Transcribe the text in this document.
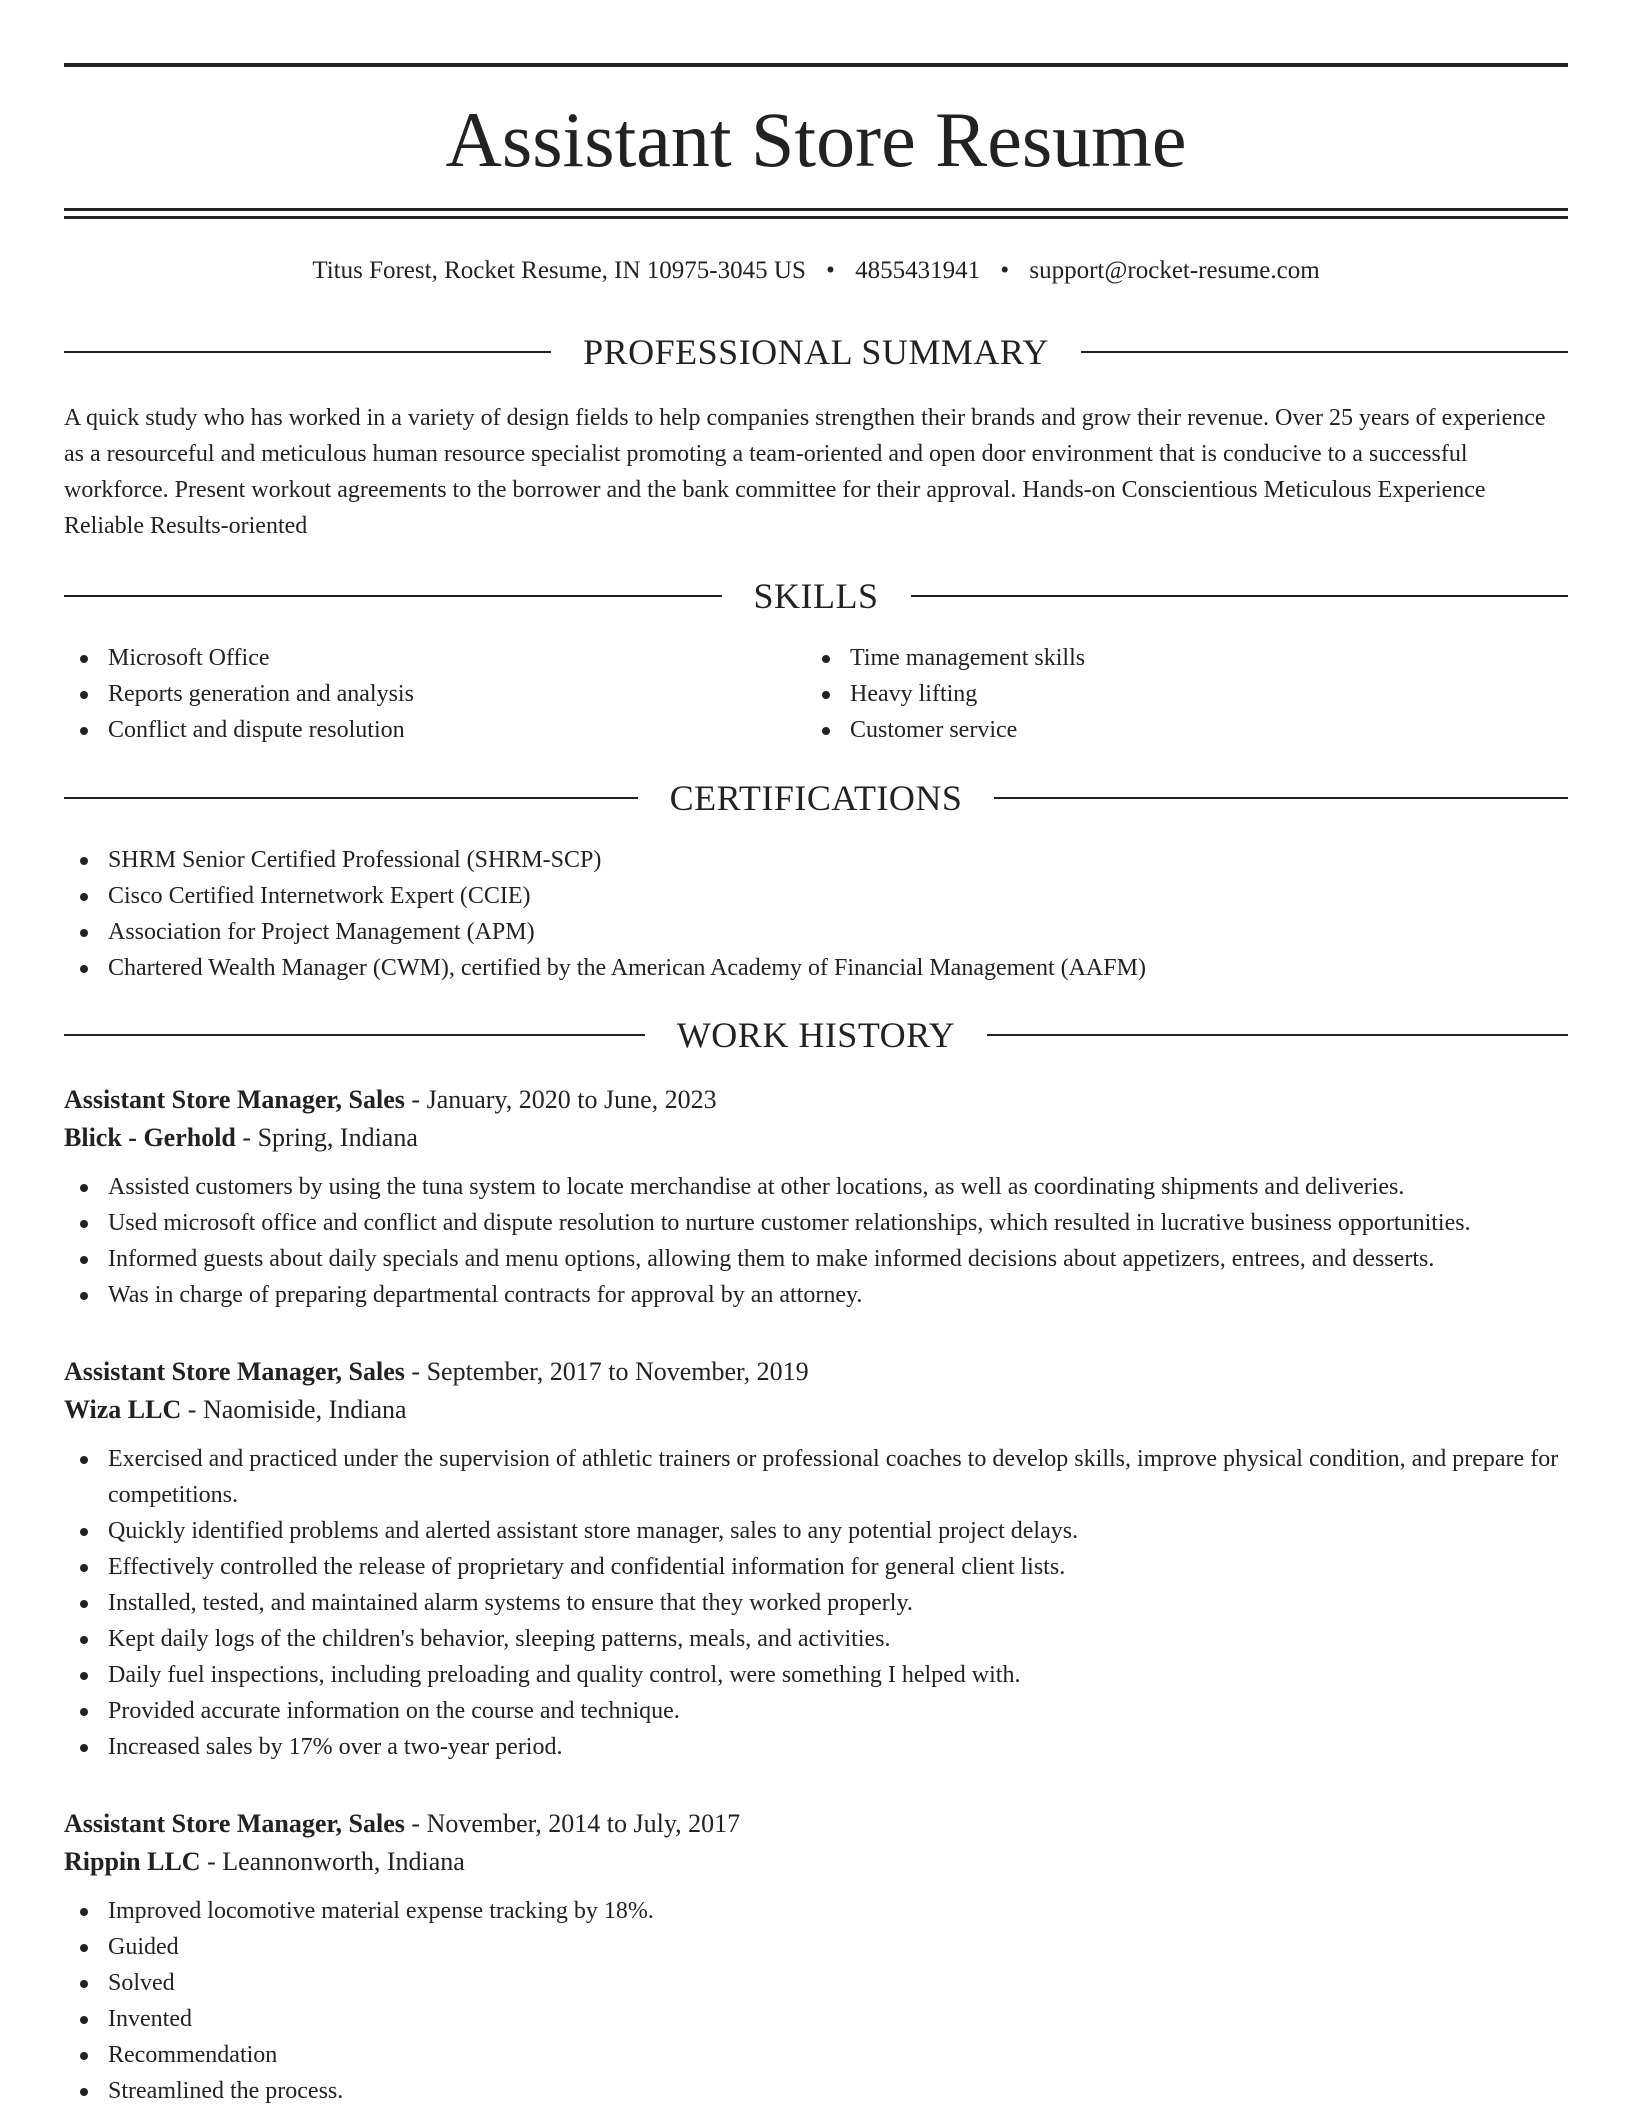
Assistant Store Resume
Titus Forest, Rocket Resume, IN 10975-3045 US • 4855431941 • support@rocket-resume.com
PROFESSIONAL SUMMARY

A quick study who has worked in a variety of design fields to help companies strengthen their brands and grow their revenue. Over 25 years of experience as a resourceful and meticulous human resource specialist promoting a team-oriented and open door environment that is conducive to a successful workforce. Present workout agreements to the borrower and the bank committee for their approval. Hands-on Conscientious Meticulous Experience Reliable Results-oriented

SKILLS
Microsoft Office
Reports generation and analysis
Conflict and dispute resolution
Time management skills
Heavy lifting
Customer service
CERTIFICATIONS
SHRM Senior Certified Professional (SHRM-SCP)
Cisco Certified Internetwork Expert (CCIE)
Association for Project Management (APM)
Chartered Wealth Manager (CWM), certified by the American Academy of Financial Management (AAFM)
WORK HISTORY
Assistant Store Manager, Sales - January, 2020 to June, 2023
Blick - Gerhold - Spring, Indiana
Assisted customers by using the tuna system to locate merchandise at other locations, as well as coordinating shipments and deliveries.
Used microsoft office and conflict and dispute resolution to nurture customer relationships, which resulted in lucrative business opportunities.
Informed guests about daily specials and menu options, allowing them to make informed decisions about appetizers, entrees, and desserts.
Was in charge of preparing departmental contracts for approval by an attorney.
Assistant Store Manager, Sales - September, 2017 to November, 2019
Wiza LLC - Naomiside, Indiana
Exercised and practiced under the supervision of athletic trainers or professional coaches to develop skills, improve physical condition, and prepare for competitions.
Quickly identified problems and alerted assistant store manager, sales to any potential project delays.
Effectively controlled the release of proprietary and confidential information for general client lists.
Installed, tested, and maintained alarm systems to ensure that they worked properly.
Kept daily logs of the children's behavior, sleeping patterns, meals, and activities.
Daily fuel inspections, including preloading and quality control, were something I helped with.
Provided accurate information on the course and technique.
Increased sales by 17% over a two-year period.
Assistant Store Manager, Sales - November, 2014 to July, 2017
Rippin LLC - Leannonworth, Indiana
Improved locomotive material expense tracking by 18%.
Guided
Solved
Invented
Recommendation
Streamlined the process.
